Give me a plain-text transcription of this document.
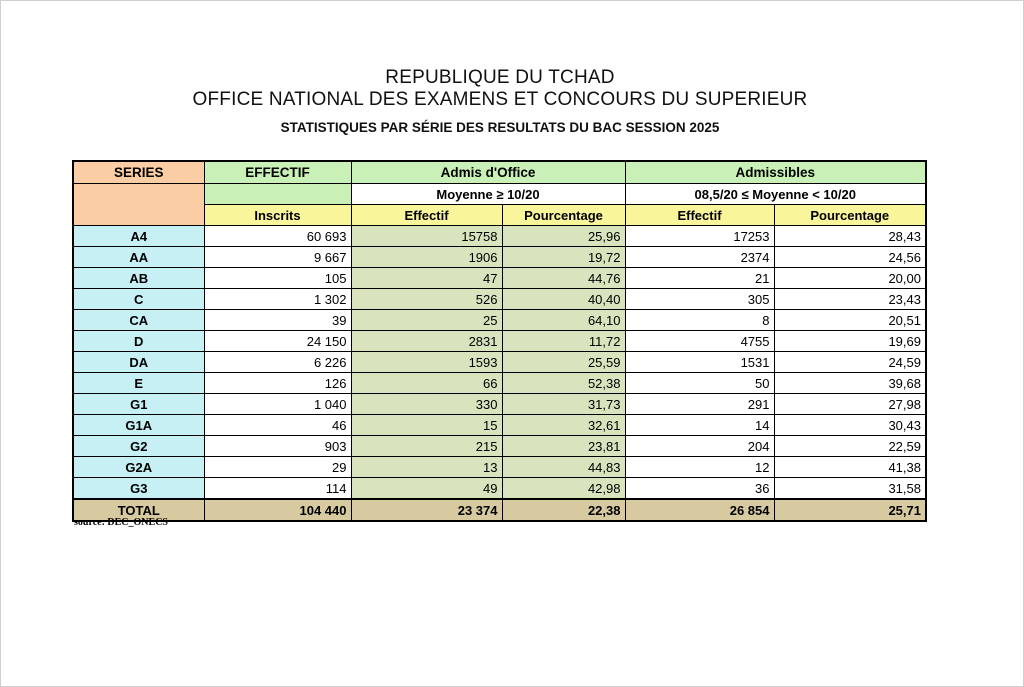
REPUBLIQUE DU TCHAD
OFFICE NATIONAL DES EXAMENS ET CONCOURS DU SUPERIEUR
STATISTIQUES PAR SÉRIE DES RESULTATS DU BAC SESSION 2025
SERIES	EFFECTIF	Admis d'Office		Admissibles	
		Moyenne ≥ 10/20		08,5/20 ≤ Moyenne < 10/20	
	Inscrits	Effectif	Pourcentage	Effectif	Pourcentage
A4	60 693	15758	25,96	17253	28,43
AA	9 667	1906	19,72	2374	24,56
AB	105	47	44,76	21	20,00
C	1 302	526	40,40	305	23,43
CA	39	25	64,10	8	20,51
D	24 150	2831	11,72	4755	19,69
DA	6 226	1593	25,59	1531	24,59
E	126	66	52,38	50	39,68
G1	1 040	330	31,73	291	27,98
G1A	46	15	32,61	14	30,43
G2	903	215	23,81	204	22,59
G2A	29	13	44,83	12	41,38
G3	114	49	42,98	36	31,58
TOTAL	104 440	23 374	22,38	26 854	25,71
source: DEC_ONECS
